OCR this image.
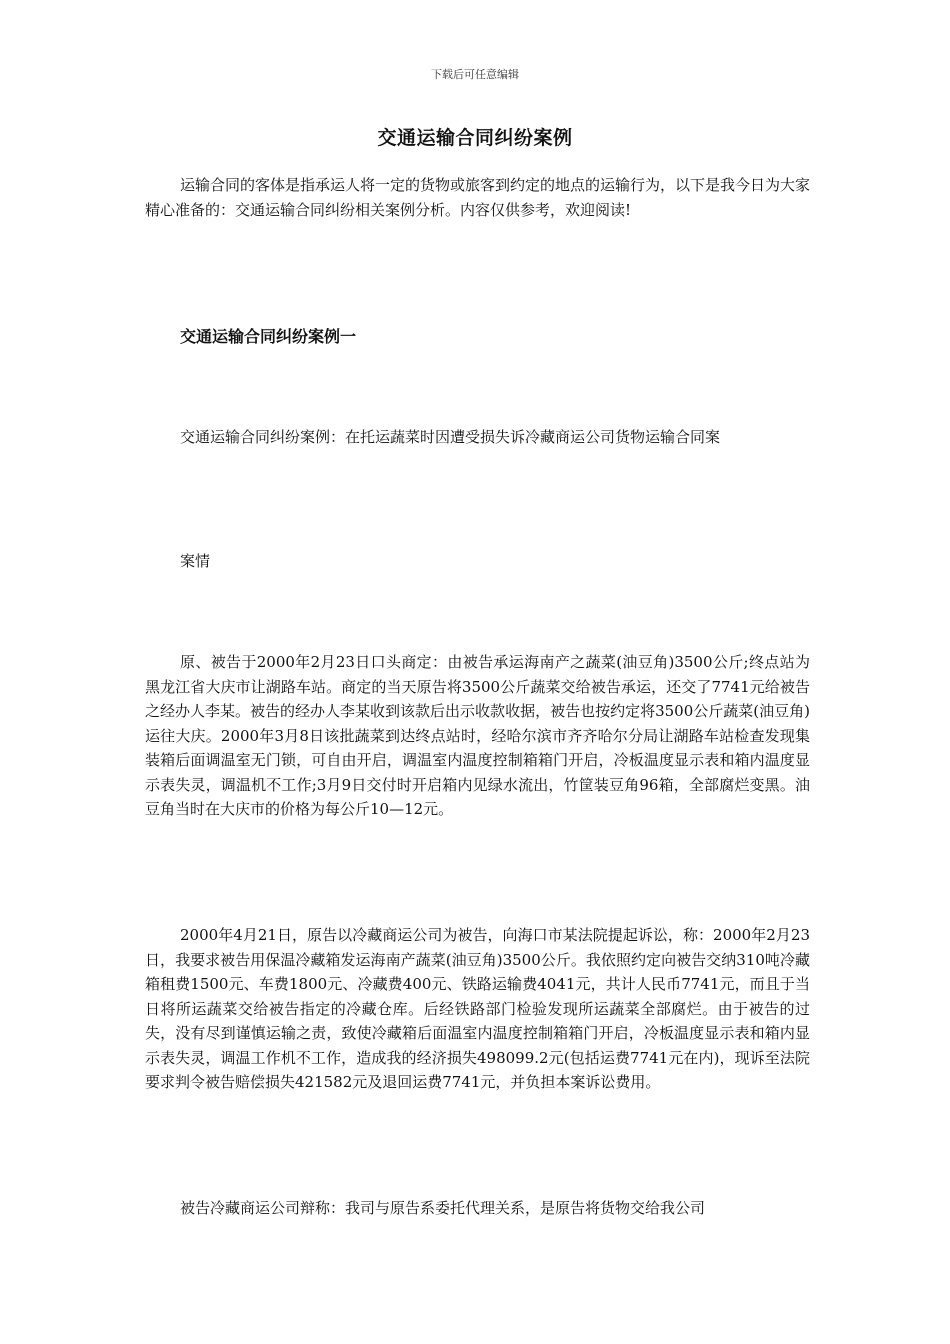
下载后可任意编辑
交通运输合同纠纷案例

运输合同的客体是指承运人将一定的货物或旅客到约定的地点的运输行为，以下是我今日为大家精心准备的：交通运输合同纠纷相关案例分析。内容仅供参考，欢迎阅读!

交通运输合同纠纷案例一

交通运输合同纠纷案例：在托运蔬菜时因遭受损失诉冷藏商运公司货物运输合同案

案情

原、被告于2000年2月23日口头商定：由被告承运海南产之蔬菜(油豆角)3500公斤;终点站为黑龙江省大庆市让湖路车站。商定的当天原告将3500公斤蔬菜交给被告承运，还交了7741元给被告之经办人李某。被告的经办人李某收到该款后出示收款收据，被告也按约定将3500公斤蔬菜(油豆角)运往大庆。2000年3月8日该批蔬菜到达终点站时，经哈尔滨市齐齐哈尔分局让湖路车站检查发现集装箱后面调温室无门锁，可自由开启，调温室内温度控制箱箱门开启，冷板温度显示表和箱内温度显示表失灵，调温机不工作;3月9日交付时开启箱内见绿水流出，竹筐装豆角96箱，全部腐烂变黑。油豆角当时在大庆市的价格为每公斤10—12元。

2000年4月21日，原告以冷藏商运公司为被告，向海口市某法院提起诉讼，称：2000年2月23日，我要求被告用保温冷藏箱发运海南产蔬菜(油豆角)3500公斤。我依照约定向被告交纳310吨冷藏箱租费1500元、车费1800元、冷藏费400元、铁路运输费4041元，共计人民币7741元，而且于当日将所运蔬菜交给被告指定的冷藏仓库。后经铁路部门检验发现所运蔬菜全部腐烂。由于被告的过失，没有尽到谨慎运输之责，致使冷藏箱后面温室内温度控制箱箱门开启，冷板温度显示表和箱内显示表失灵，调温工作机不工作，造成我的经济损失498099.2元(包括运费7741元在内)，现诉至法院要求判令被告赔偿损失421582元及退回运费7741元，并负担本案诉讼费用。

被告冷藏商运公司辩称：我司与原告系委托代理关系，是原告将货物交给我公司
